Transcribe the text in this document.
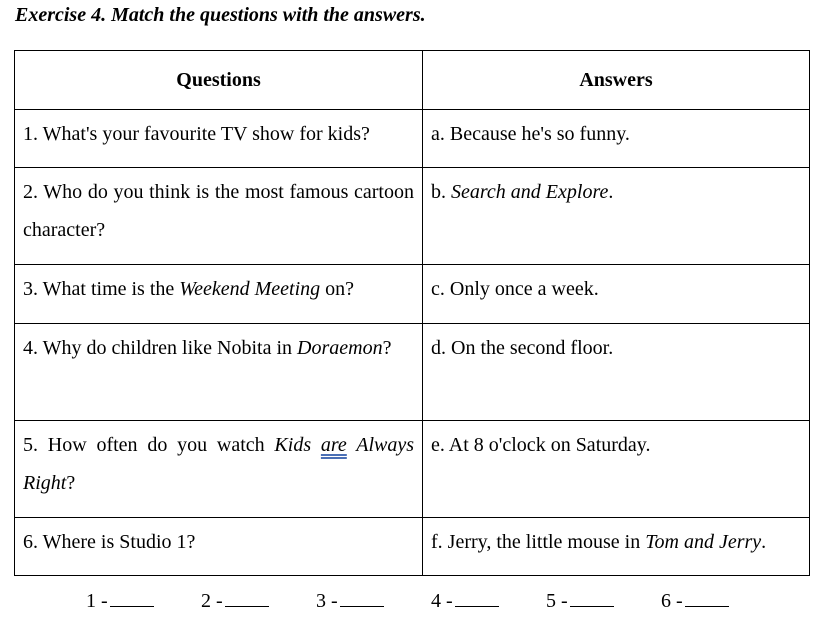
Exercise 4. Match the questions with the answers.
Questions	Answers
1. What's your favourite TV show for kids?	a. Because he's so funny.
2. Who do you think is the most famous cartoon character?	b. Search and Explore.
3. What time is the Weekend Meeting on?	c. Only once a week.
4. Why do children like Nobita in Doraemon?	d. On the second floor.
5. How often do you watch Kids are Always Right?	e. At 8 o'clock on Saturday.
6. Where is Studio 1?	f. Jerry, the little mouse in Tom and Jerry.
1 -	2 -	3 -	4 -	5 -	6 -
